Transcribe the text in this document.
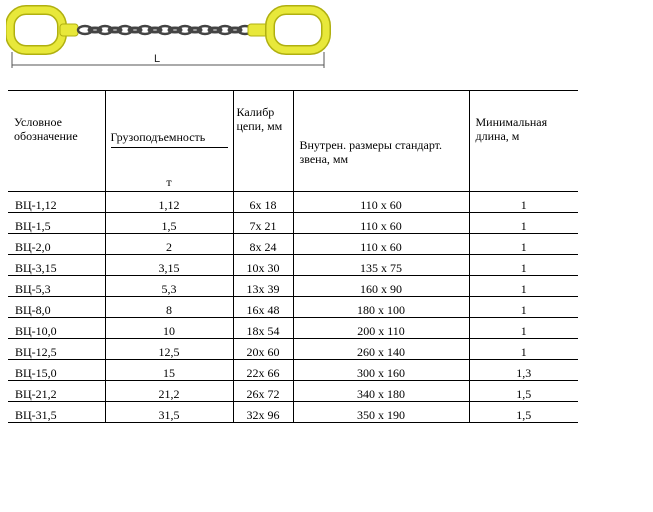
L
Условное обозначение	Грузоподъемность	Калибр цепи, мм	Внутрен. размеры стандарт. звена, мм	Минимальная длина, м
	т			
ВЦ-1,12	1,12	6х 18	110 х 60	1
ВЦ-1,5	1,5	7х 21	110 х 60	1
ВЦ-2,0	2	8х 24	110 х 60	1
ВЦ-3,15	3,15	10х 30	135 х 75	1
ВЦ-5,3	5,3	13х 39	160 х 90	1
ВЦ-8,0	8	16х 48	180 х 100	1
ВЦ-10,0	10	18х 54	200 х 110	1
ВЦ-12,5	12,5	20х 60	260 х 140	1
ВЦ-15,0	15	22х 66	300 х 160	1,3
ВЦ-21,2	21,2	26х 72	340 х 180	1,5
ВЦ-31,5	31,5	32х 96	350 х 190	1,5
